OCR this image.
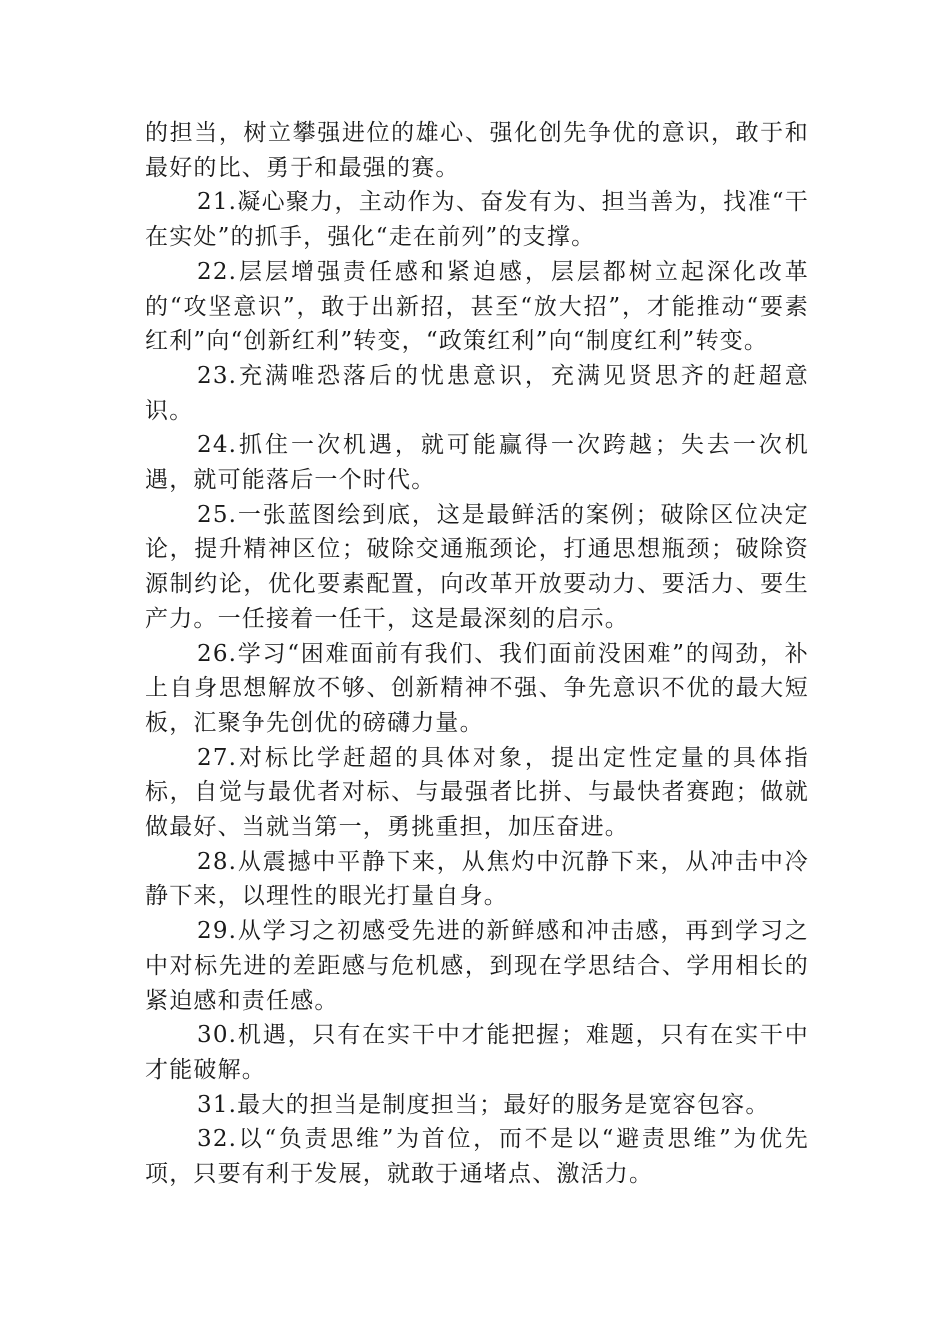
的担当，树立攀强进位的雄心、强化创先争优的意识，敢于和最好的比、勇于和最强的赛。

21.凝心聚力，主动作为、奋发有为、担当善为，找准“干在实处”的抓手，强化“走在前列”的支撑。

22.层层增强责任感和紧迫感，层层都树立起深化改革的“攻坚意识”，敢于出新招，甚至“放大招”，才能推动“要素红利”向“创新红利”转变，“政策红利”向“制度红利”转变。

23.充满唯恐落后的忧患意识，充满见贤思齐的赶超意识。

24.抓住一次机遇，就可能赢得一次跨越；失去一次机遇，就可能落后一个时代。

25.一张蓝图绘到底，这是最鲜活的案例；破除区位决定论，提升精神区位；破除交通瓶颈论，打通思想瓶颈；破除资源制约论，优化要素配置，向改革开放要动力、要活力、要生产力。一任接着一任干，这是最深刻的启示。

26.学习“困难面前有我们、我们面前没困难”的闯劲，补上自身思想解放不够、创新精神不强、争先意识不优的最大短板，汇聚争先创优的磅礴力量。

27.对标比学赶超的具体对象，提出定性定量的具体指标，自觉与最优者对标、与最强者比拼、与最快者赛跑；做就做最好、当就当第一，勇挑重担，加压奋进。

28.从震撼中平静下来，从焦灼中沉静下来，从冲击中冷静下来，以理性的眼光打量自身。

29.从学习之初感受先进的新鲜感和冲击感，再到学习之中对标先进的差距感与危机感，到现在学思结合、学用相长的紧迫感和责任感。

30.机遇，只有在实干中才能把握；难题，只有在实干中才能破解。

31.最大的担当是制度担当；最好的服务是宽容包容。

32.以“负责思维”为首位，而不是以“避责思维”为优先项，只要有利于发展，就敢于通堵点、激活力。
